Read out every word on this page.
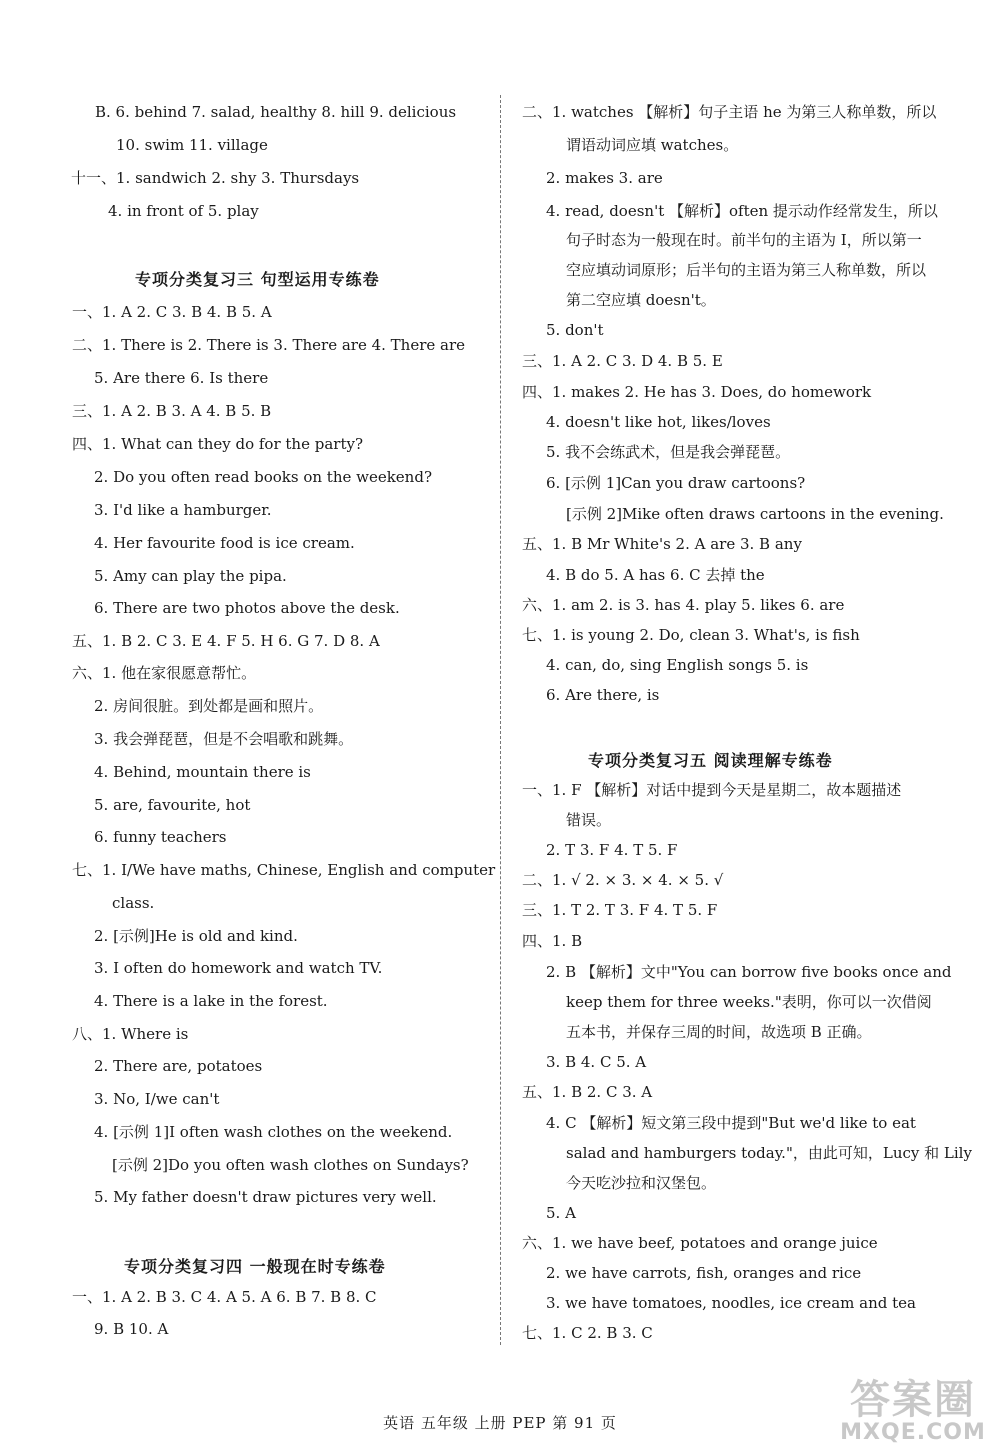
B. 6. behind 7. salad, healthy 8. hill 9. delicious
10. swim 11. village
十一、1. sandwich 2. shy 3. Thursdays
4. in front of 5. play
专项分类复习三 句型运用专练卷
一、1. A 2. C 3. B 4. B 5. A
二、1. There is 2. There is 3. There are 4. There are
5. Are there 6. Is there
三、1. A 2. B 3. A 4. B 5. B
四、1. What can they do for the party?
2. Do you often read books on the weekend?
3. I'd like a hamburger.
4. Her favourite food is ice cream.
5. Amy can play the pipa.
6. There are two photos above the desk.
五、1. B 2. C 3. E 4. F 5. H 6. G 7. D 8. A
六、1. 他在家很愿意帮忙。
2. 房间很脏。到处都是画和照片。
3. 我会弹琵琶，但是不会唱歌和跳舞。
4. Behind, mountain there is
5. are, favourite, hot
6. funny teachers
七、1. I/We have maths, Chinese, English and computer
class.
2. [示例]He is old and kind.
3. I often do homework and watch TV.
4. There is a lake in the forest.
八、1. Where is
2. There are, potatoes
3. No, I/we can't
4. [示例 1]I often wash clothes on the weekend.
[示例 2]Do you often wash clothes on Sundays?
5. My father doesn't draw pictures very well.
专项分类复习四 一般现在时专练卷
一、1. A 2. B 3. C 4. A 5. A 6. B 7. B 8. C
9. B 10. A
二、1. watches 【解析】句子主语 he 为第三人称单数，所以
谓语动词应填 watches。
2. makes 3. are
4. read, doesn't 【解析】often 提示动作经常发生，所以
句子时态为一般现在时。前半句的主语为 I，所以第一
空应填动词原形；后半句的主语为第三人称单数，所以
第二空应填 doesn't。
5. don't
三、1. A 2. C 3. D 4. B 5. E
四、1. makes 2. He has 3. Does, do homework
4. doesn't like hot, likes/loves
5. 我不会练武术，但是我会弹琵琶。
6. [示例 1]Can you draw cartoons?
[示例 2]Mike often draws cartoons in the evening.
五、1. B Mr White's 2. A are 3. B any
4. B do 5. A has 6. C 去掉 the
六、1. am 2. is 3. has 4. play 5. likes 6. are
七、1. is young 2. Do, clean 3. What's, is fish
4. can, do, sing English songs 5. is
6. Are there, is
专项分类复习五 阅读理解专练卷
一、1. F 【解析】对话中提到今天是星期二，故本题描述
错误。
2. T 3. F 4. T 5. F
二、1. √ 2. × 3. × 4. × 5. √
三、1. T 2. T 3. F 4. T 5. F
四、1. B
2. B 【解析】文中"You can borrow five books once and
keep them for three weeks."表明，你可以一次借阅
五本书，并保存三周的时间，故选项 B 正确。
3. B 4. C 5. A
五、1. B 2. C 3. A
4. C 【解析】短文第三段中提到"But we'd like to eat
salad and hamburgers today."，由此可知，Lucy 和 Lily
今天吃沙拉和汉堡包。
5. A
六、1. we have beef, potatoes and orange juice
2. we have carrots, fish, oranges and rice
3. we have tomatoes, noodles, ice cream and tea
七、1. C 2. B 3. C
英语 五年级 上册 PEP 第 91 页	答案圈
MXQE.COM
